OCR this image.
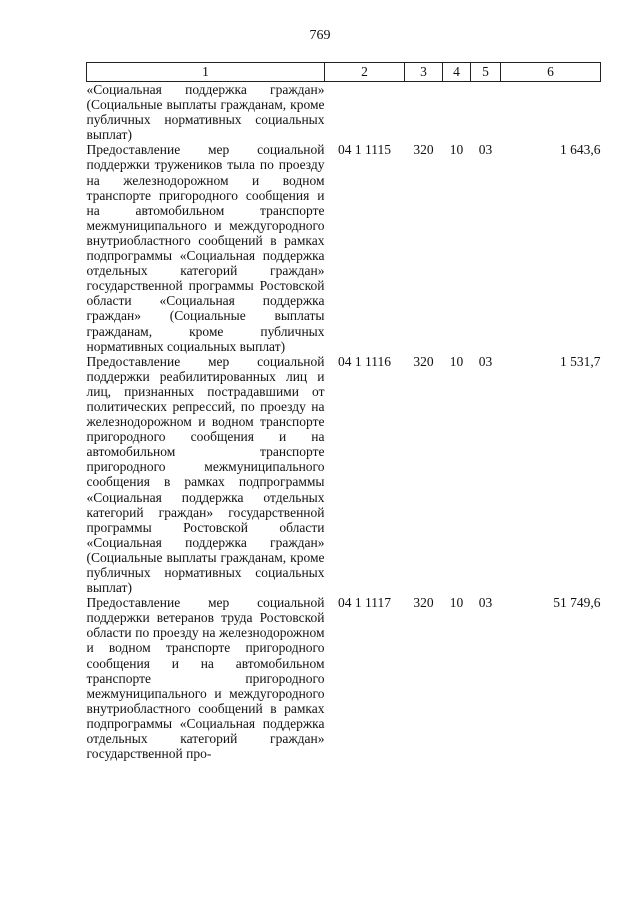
769
1	2	3	4	5	6
«Социальная поддержка граждан» (Социальные выплаты гражданам, кроме публичных нормативных социальных выплат)					
Предоставление мер социальной поддержки тружеников тыла по проезду на железнодорожном и водном транспорте пригородного сообщения и на автомобильном транспорте межмуниципального и междугородного внутриобластного сообщений в рамках подпрограммы «Социальная поддержка отдельных категорий граждан» государственной программы Ростовской области «Социальная поддержка граждан» (Социальные выплаты гражданам, кроме публичных нормативных социальных выплат)	04 1 1115	320	10	03	1 643,6
Предоставление мер социальной поддержки реабилитированных лиц и лиц, признанных пострадавшими от политических репрессий, по проезду на железнодорожном и водном транспорте пригородного сообщения и на автомобильном транспорте пригородного межмуниципального сообщения в рамках подпрограммы «Социальная поддержка отдельных категорий граждан» государственной программы Ростовской области «Социальная поддержка граждан» (Социальные выплаты гражданам, кроме публичных нормативных социальных выплат)	04 1 1116	320	10	03	1 531,7
Предоставление мер социальной поддержки ветеранов труда Ростовской области по проезду на железнодорожном и водном транспорте пригородного сообщения и на автомобильном транспорте пригородного межмуниципального и междугородного внутриобластного сообщений в рамках подпрограммы «Социальная поддержка отдельных категорий граждан» государственной про-	04 1 1117	320	10	03	51 749,6
